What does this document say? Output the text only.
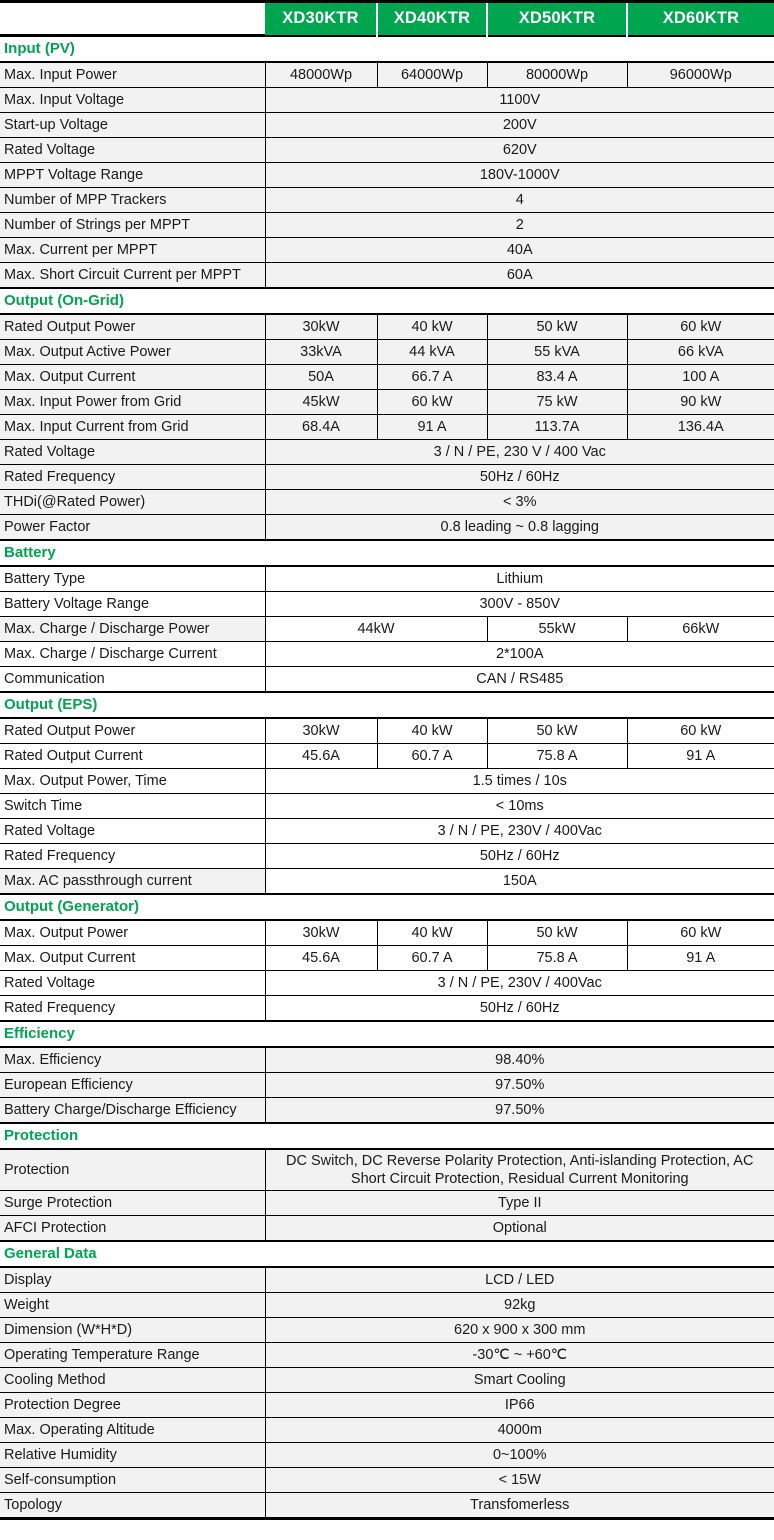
	XD30KTR	XD40KTR	XD50KTR	XD60KTR
Input (PV)				
Max. Input Power	48000Wp	64000Wp	80000Wp	96000Wp
Max. Input Voltage	1100V			
Start-up Voltage	200V			
Rated Voltage	620V			
MPPT Voltage Range	180V-1000V			
Number of MPP Trackers	4			
Number of Strings per MPPT	2			
Max. Current per MPPT	40A			
Max. Short Circuit Current per MPPT	60A			
Output (On-Grid)				
Rated Output Power	30kW	40 kW	50 kW	60 kW
Max. Output Active Power	33kVA	44 kVA	55 kVA	66 kVA
Max. Output Current	50A	66.7 A	83.4 A	100 A
Max. Input Power from Grid	45kW	60 kW	75 kW	90 kW
Max. Input Current from Grid	68.4A	91 A	113.7A	136.4A
Rated Voltage	3 / N / PE, 230 V / 400 Vac			
Rated Frequency	50Hz / 60Hz			
THDi(@Rated Power)	< 3%			
Power Factor	0.8 leading ~ 0.8 lagging			
Battery				
Battery Type	Lithium			
Battery Voltage Range	300V - 850V			
Max. Charge / Discharge Power	44kW		55kW	66kW
Max. Charge / Discharge Current	2*100A			
Communication	CAN / RS485			
Output (EPS)				
Rated Output Power	30kW	40 kW	50 kW	60 kW
Rated Output Current	45.6A	60.7 A	75.8 A	91 A
Max. Output Power, Time	1.5 times / 10s			
Switch Time	< 10ms			
Rated Voltage	3 / N / PE, 230V / 400Vac			
Rated Frequency	50Hz / 60Hz			
Max. AC passthrough current	150A			
Output (Generator)				
Max. Output Power	30kW	40 kW	50 kW	60 kW
Max. Output Current	45.6A	60.7 A	75.8 A	91 A
Rated Voltage	3 / N / PE, 230V / 400Vac			
Rated Frequency	50Hz / 60Hz			
Efficiency				
Max. Efficiency	98.40%			
European Efficiency	97.50%			
Battery Charge/Discharge Efficiency	97.50%			
Protection				
Protection	DC Switch, DC Reverse Polarity Protection, Anti-islanding Protection, AC Short Circuit Protection, Residual Current Monitoring			
Surge Protection	Type II			
AFCI Protection	Optional			
General Data				
Display	LCD / LED			
Weight	92kg			
Dimension (W*H*D)	620 x 900 x 300 mm			
Operating Temperature Range	-30℃ ~ +60℃			
Cooling Method	Smart Cooling			
Protection Degree	IP66			
Max. Operating Altitude	4000m			
Relative Humidity	0~100%			
Self-consumption	< 15W			
Topology	Transfomerless			
